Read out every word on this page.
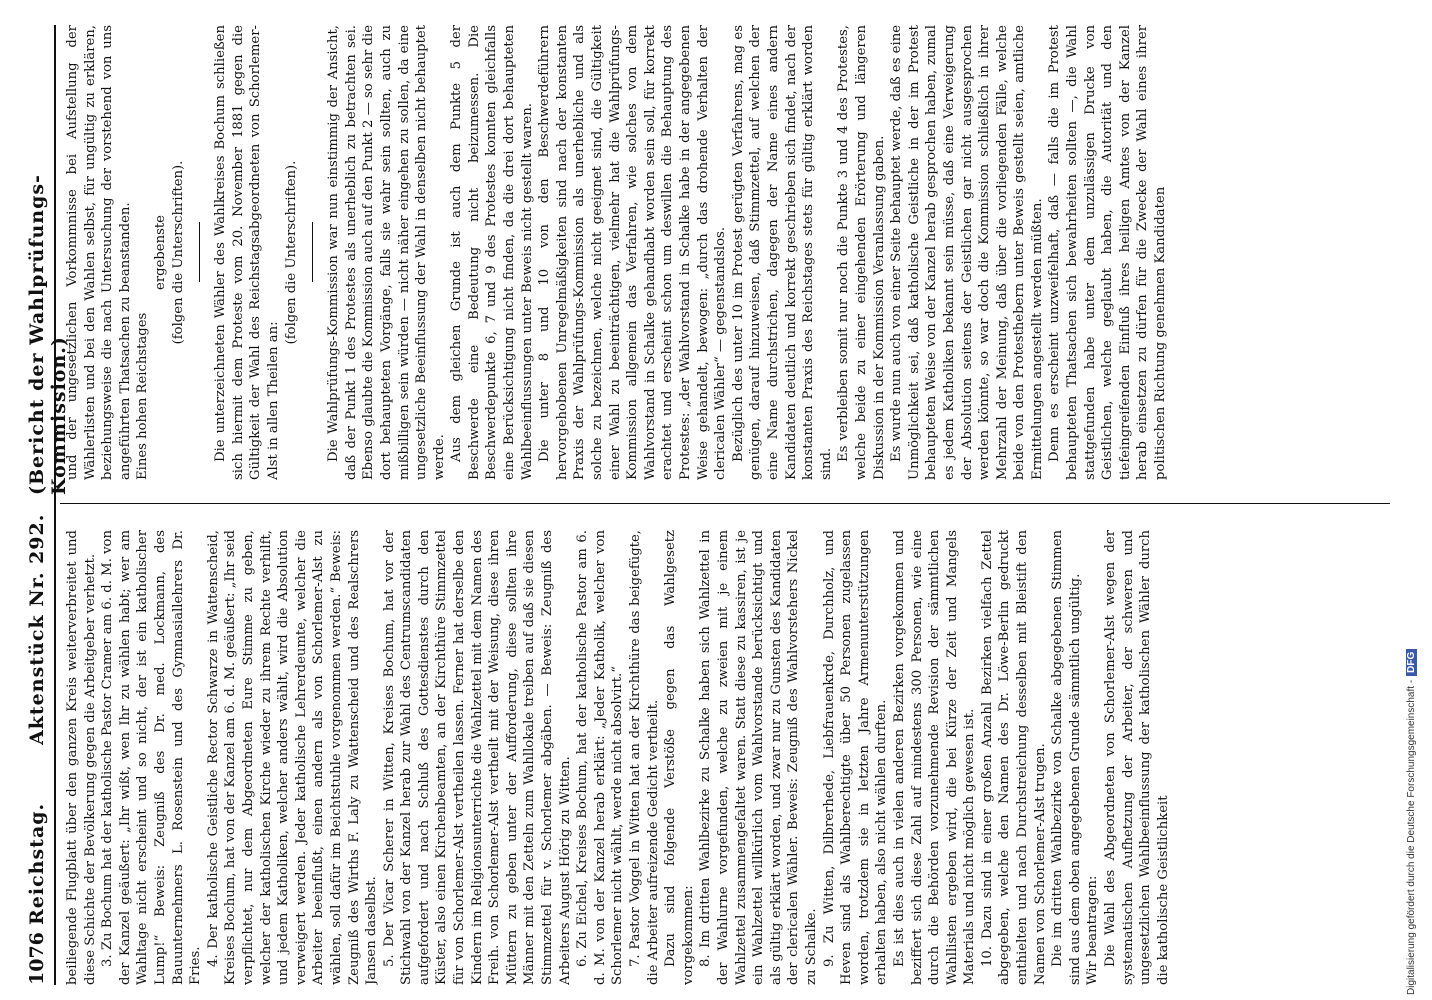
1076
Reichstag.
Aktenstück Nr. 292.
(Bericht der Wahlprüfungs-Kommission.)

beiliegende Flugblatt über den ganzen Kreis weiterverbreitet und diese Schichte der Bevölkerung gegen die Arbeitgeber verhetzt. 3. Zu Bochum hat der katholische Pastor Cramer am 6. d. M. von der Kanzel geäußert: „Ihr wißt, wen Ihr zu wählen habt; wer am Wahltage nicht erscheint und so nicht, der ist ein katholischer Lump!“ Beweis: Zeugniß des Dr. med. Lockmann, des Bauunternehmers L. Rosenstein und des Gymnasiallehrers Dr. Fries. 4. Der katholische Geistliche Rector Schwarze in Wattenscheid, Kreises Bochum, hat von der Kanzel am 6. d. M. geäußert: „Ihr seid verpflichtet, nur dem Abgeordneten Eure Stimme zu geben, welcher der katholischen Kirche wieder zu ihrem Rechte verhilft, und jedem Katholiken, welcher anders wählt, wird die Absolution verweigert werden. Jeder katholische Lehrerdeumte, welcher die Arbeiter beeinflußt, einen andern als von Schorlemer-Alst zu wählen, soll dafür im Beichtstuhle vorgenommen werden.“ Beweis: Zeugniß des Wirths F. Laly zu Wattenscheid und des Realschrers Jansen daselbst. 5. Der Vicar Scherer in Witten, Kreises Bochum, hat vor der Stichwahl von der Kanzel herab zur Wahl des Centrumscandidaten aufgefordert und nach Schluß des Gottesdienstes durch den Küster, also einen Kirchenbeamten, an der Kirchthüre Stimmzettel für von Schorlemer-Alst vertheilen lassen. Ferner hat derselbe den Kindern im Religionsunterrichte die Wahlzettel mit dem Namen des Freih. von Schorlemer-Alst vertheilt mit der Weisung, diese ihren Müttern zu geben unter der Aufforderung, diese sollten ihre Männer mit den Zetteln zum Wahllokale treiben auf daß sie diesen Stimmzettel für v. Schorlemer abgäben. — Beweis: Zeugniß des Arbeiters August Hörig zu Witten. 6. Zu Eichel, Kreises Bochum, hat der katholische Pastor am 6. d. M. von der Kanzel herab erklärt: „Jeder Katholik, welcher von Schorlemer nicht wählt, werde nicht absolvirt.“ 7. Pastor Voggel in Witten hat an der Kirchthüre das beigefügte, die Arbeiter aufreizende Gedicht vertheilt. Dazu sind folgende Verstöße gegen das Wahlgesetz vorgekommen: 8. Im dritten Wahlbezirke zu Schalke haben sich Wahlzettel in der Wahlurne vorgefunden, welche zu zweien mit je einem Wahlzettel zusammengefaltet waren. Statt diese zu kassiren, ist je ein Wahlzettel willkürlich vom Wahlvorstande berücksichtigt und als gültig erklärt worden, und zwar nur zu Gunsten des Kandidaten der clericalen Wähler. Beweis: Zeugniß des Wahlvorstehers Nickel zu Schalke. 9. Zu Witten, Dilbrerhede, Liebfrauenkrde, Durchholz, und Heven sind als Wahlberechtigte über 50 Personen zugelassen worden, trotzdem sie in letzten Jahre Armenunterstützungen erhalten haben, also nicht wählen durften. Es ist dies auch in vielen anderen Bezirken vorgekommen und beziffert sich diese Zahl auf mindestens 300 Personen, wie eine durch die Behörden vorzunehmende Revision der sämmtlichen Wahllisten ergeben wird, die bei Kürze der Zeit und Mangels Materials und nicht möglich gewesen ist. 10. Dazu sind in einer großen Anzahl Bezirken vielfach Zettel abgegeben, welche den Namen des Dr. Löwe-Berlin gedruckt enthielten und nach Durchstreichung desselben mit Bleistift den Namen von Schorlemer-Alst trugen. Die im dritten Wahlbezirke von Schalke abgegebenen Stimmen sind aus dem oben angegebenen Grunde sämmtlich ungültig. Wir beantragen: Die Wahl des Abgeordneten von Schorlemer-Alst wegen der systematischen Aufhetzung der Arbeiter, der schweren und ungesetzlichen Wahlbeeinflussung der katholischen Wähler durch die katholische Geistlichkeit

und der ungesetzlichen Vorkommnisse bei Aufstellung der Wählerlisten und bei den Wahlen selbst, für ungültig zu erklären, beziehungsweise die nach Untersuchung der vorstehend von uns angeführten Thatsachen zu beanstanden. Eines hohen Reichstages

ergebenste (folgen die Unterschriften). Die unterzeichneten Wähler des Wahlkreises Bochum schließen sich hiermit dem Proteste vom 20. November 1881 gegen die Gültigkeit der Wahl des Reichstagsabgeordneten von Schorlemer-Alst in allen Theilen an:

(folgen die Unterschriften). Die Wahlprüfungs-Kommission war nun einstimmig der Ansicht, daß der Punkt 1 des Protestes als unerheblich zu betrachten sei. Ebenso glaubte die Kommission auch auf den Punkt 2 — so sehr die dort behaupteten Vorgänge, falls sie wahr sein sollten, auch zu mißbilligen sein würden — nicht näher eingehen zu sollen, da eine ungesetzliche Beeinflussung der Wahl in denselben nicht behauptet werde. Aus dem gleichen Grunde ist auch dem Punkte 5 der Beschwerde eine Bedeutung nicht beizumessen. Die Beschwerdepunkte 6, 7 und 9 des Protestes konnten gleichfalls eine Berücksichtigung nicht finden, da die drei dort behaupteten Wahlbeeinflussungen unter Beweis nicht gestellt waren. Die unter 8 und 10 von den Beschwerdeführern hervorgehobenen Unregelmäßigkeiten sind nach der konstanten Praxis der Wahlprüfungs-Kommission als unerhebliche und als solche zu bezeichnen, welche nicht geeignet sind, die Gültigkeit einer Wahl zu beeinträchtigen, vielmehr hat die Wahlprüfungs-Kommission allgemein das Verfahren, wie solches von dem Wahlvorstand in Schalke gehandhabt worden sein soll, für korrekt erachtet und erscheint schon um deswillen die Behauptung des Protestes: „der Wahlvorstand in Schalke habe in der angegebenen Weise gehandelt, bewogen: „durch das drohende Verhalten der clericalen Wähler“ — gegenstandslos. Bezüglich des unter 10 im Protest gerügten Verfahrens, mag es genügen, darauf hinzuweisen, daß Stimmzettel, auf welchen der eine Name durchstrichen, dagegen der Name eines andern Kandidaten deutlich und korrekt geschrieben sich findet, nach der konstanten Praxis des Reichstages stets für gültig erklärt worden sind.

Es verbleiben somit nur noch die Punkte 3 und 4 des Protestes, welche beide zu einer eingehenden Erörterung und längeren Diskussion in der Kommission Veranlassung gaben. Es wurde nun auch von einer Seite behauptet werde, daß es eine Unmöglichkeit sei, daß katholische Geistliche in der im Protest behaupteten Weise von der Kanzel herab gesprochen haben, zumal es jedem Katholiken bekannt sein müsse, daß eine Verweigerung der Absolution seitens der Geistlichen gar nicht ausgesprochen werden könnte, so war doch die Kommission schließlich in ihrer Mehrzahl der Meinung, daß über die vorliegenden Fälle, welche beide von den Protesthebern unter Beweis gestellt seien, amtliche Ermittelungen angestellt werden müßten. Denn es erscheint unzweifelhaft, daß — falls die im Protest behaupteten Thatsachen sich bewahrheiten sollten —, die Wahl stattgefunden habe unter dem unzulässigen Drucke von Geistlichen, welche geglaubt haben, die Autorität und den tiefeingreifenden Einfluß ihres heiligen Amtes von der Kanzel herab einsetzen zu dürfen für die Zwecke der Wahl eines ihrer politischen Richtung genehmen Kandidaten

Digitalisierung gefördert durch die Deutsche Forschungsgemeinschaft -DFG
